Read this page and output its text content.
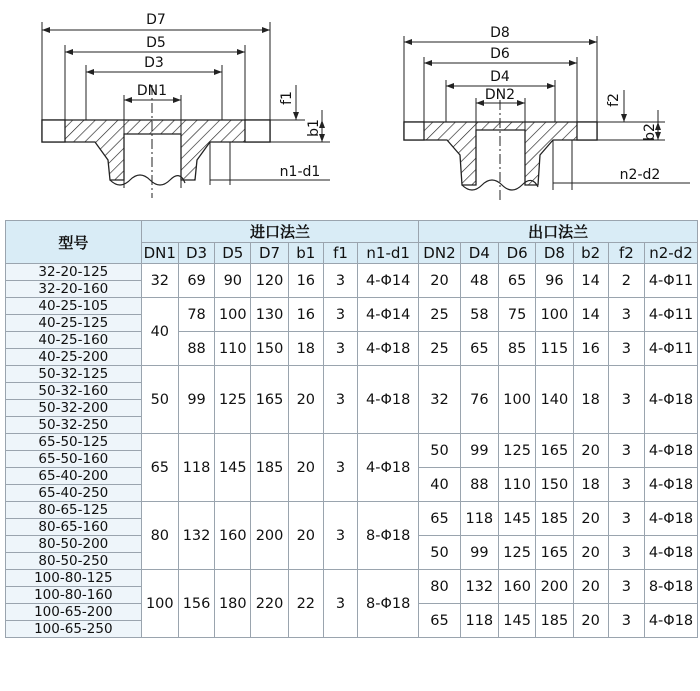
D7
D5
D3
DN1	f1
b1
n1-d1
D8
D6
D4
DN2	f2
b2
n2-d2
型号	进口法兰							出口法兰						
	DN1	D3	D5	D7	b1	f1	n1-d1	DN2	D4	D6	D8	b2	f2	n2-d2
32-20-125	32	69	90	120	16	3	4-Φ14	20	48	65	96	14	2	4-Φ11
32-20-160														
40-25-105	40	78	100	130	16	3	4-Φ14	25	58	75	100	14	3	4-Φ11
40-25-125														
40-25-160		88	110	150	18	3	4-Φ18	25	65	85	115	16	3	4-Φ11
40-25-200														
50-32-125	50	99	125	165	20	3	4-Φ18	32	76	100	140	18	3	4-Φ18
50-32-160														
50-32-200														
50-32-250														
65-50-125	65	118	145	185	20	3	4-Φ18	50	99	125	165	20	3	4-Φ18
65-50-160														
65-40-200								40	88	110	150	18	3	4-Φ18
65-40-250														
80-65-125	80	132	160	200	20	3	8-Φ18	65	118	145	185	20	3	4-Φ18
80-65-160														
80-50-200								50	99	125	165	20	3	4-Φ18
80-50-250														
100-80-125	100	156	180	220	22	3	8-Φ18	80	132	160	200	20	3	8-Φ18
100-80-160														
100-65-200								65	118	145	185	20	3	4-Φ18
100-65-250														
